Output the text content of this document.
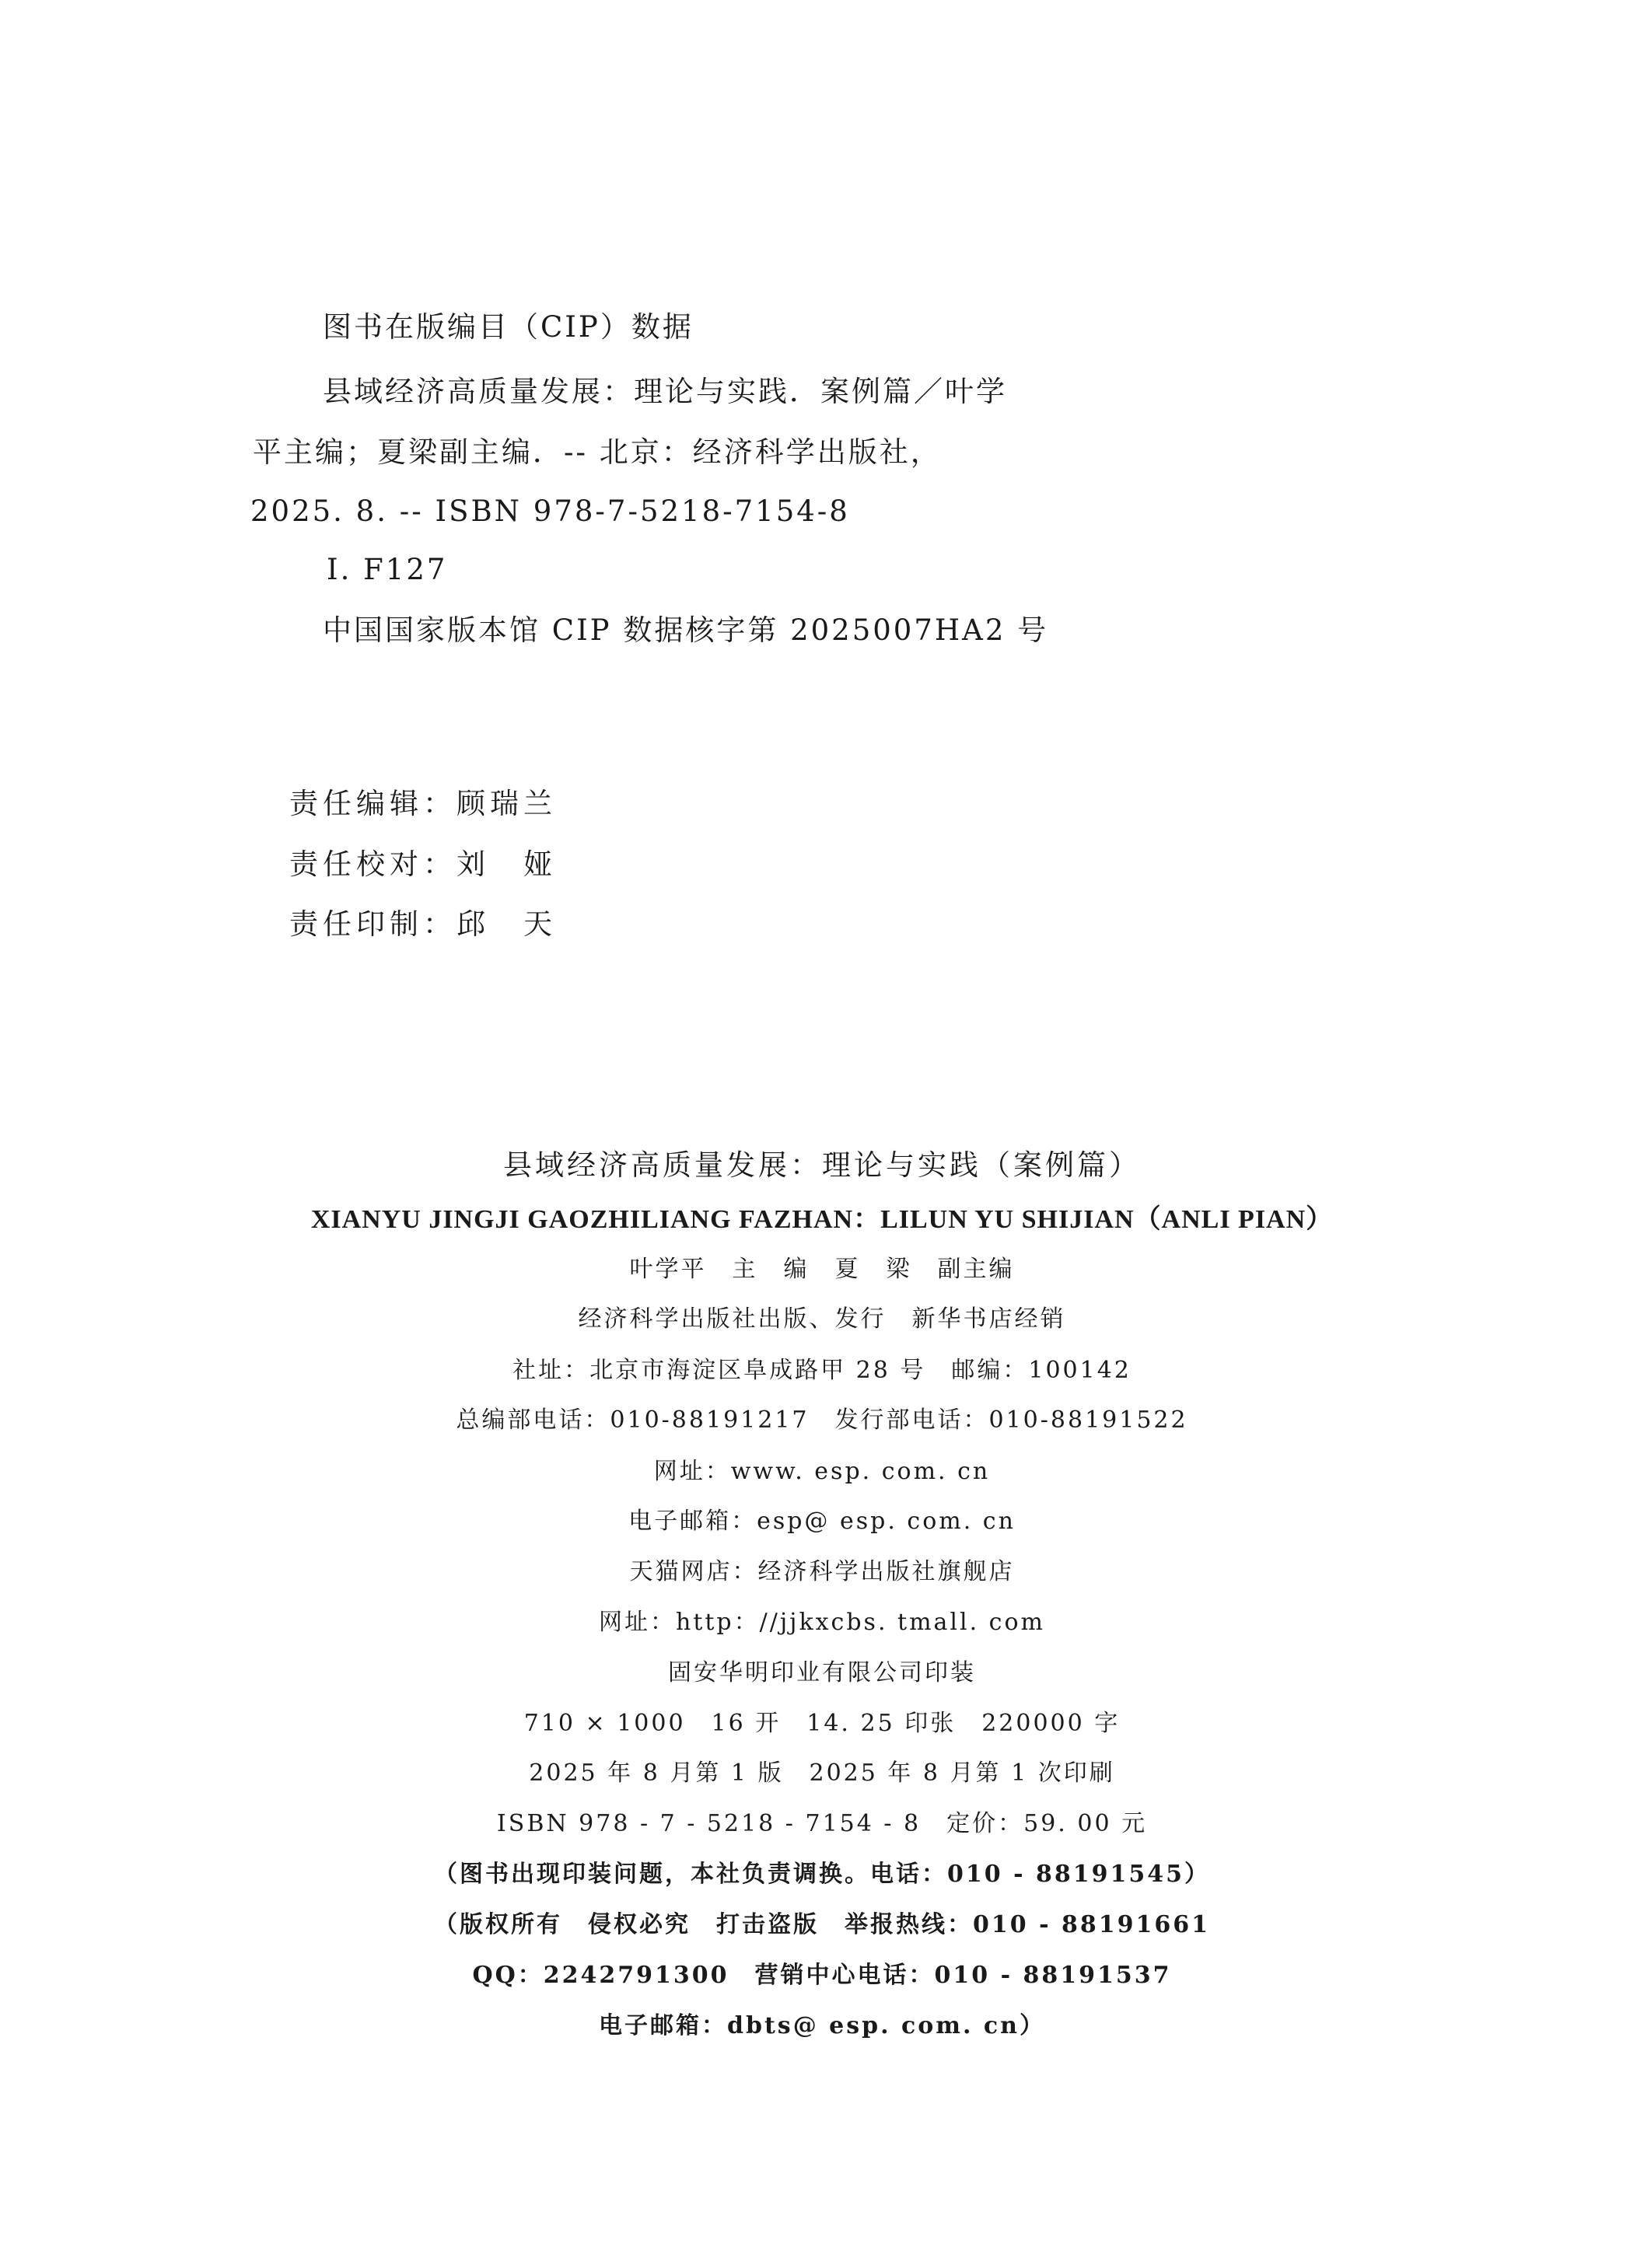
图书在版编目（CIP）数据
县域经济高质量发展：理论与实践．案例篇／叶学
平主编；夏梁副主编．-- 北京：经济科学出版社，
2025. 8. -- ISBN 978-7-5218-7154-8
Ⅰ. F127
中国国家版本馆 CIP 数据核字第 2025007HA2 号
责任编辑：顾瑞兰
责任校对：刘　娅
责任印制：邱　天
县域经济高质量发展：理论与实践（案例篇）
XIANYU JINGJI GAOZHILIANG FAZHAN：LILUN YU SHIJIAN（ANLI PIAN）
叶学平　主　编　夏　梁　副主编
经济科学出版社出版、发行　新华书店经销
社址：北京市海淀区阜成路甲 28 号　邮编：100142
总编部电话：010-88191217　发行部电话：010-88191522
网址：www. esp. com. cn
电子邮箱：esp@ esp. com. cn
天猫网店：经济科学出版社旗舰店
网址：http：//jjkxcbs. tmall. com
固安华明印业有限公司印装
710 × 1000　16 开　14. 25 印张　220000 字
2025 年 8 月第 1 版　2025 年 8 月第 1 次印刷
ISBN 978 - 7 - 5218 - 7154 - 8　定价：59. 00 元
（图书出现印装问题，本社负责调换。电话：010 - 88191545）
（版权所有　侵权必究　打击盗版　举报热线：010 - 88191661
QQ：2242791300　营销中心电话：010 - 88191537
电子邮箱：dbts@ esp. com. cn）
